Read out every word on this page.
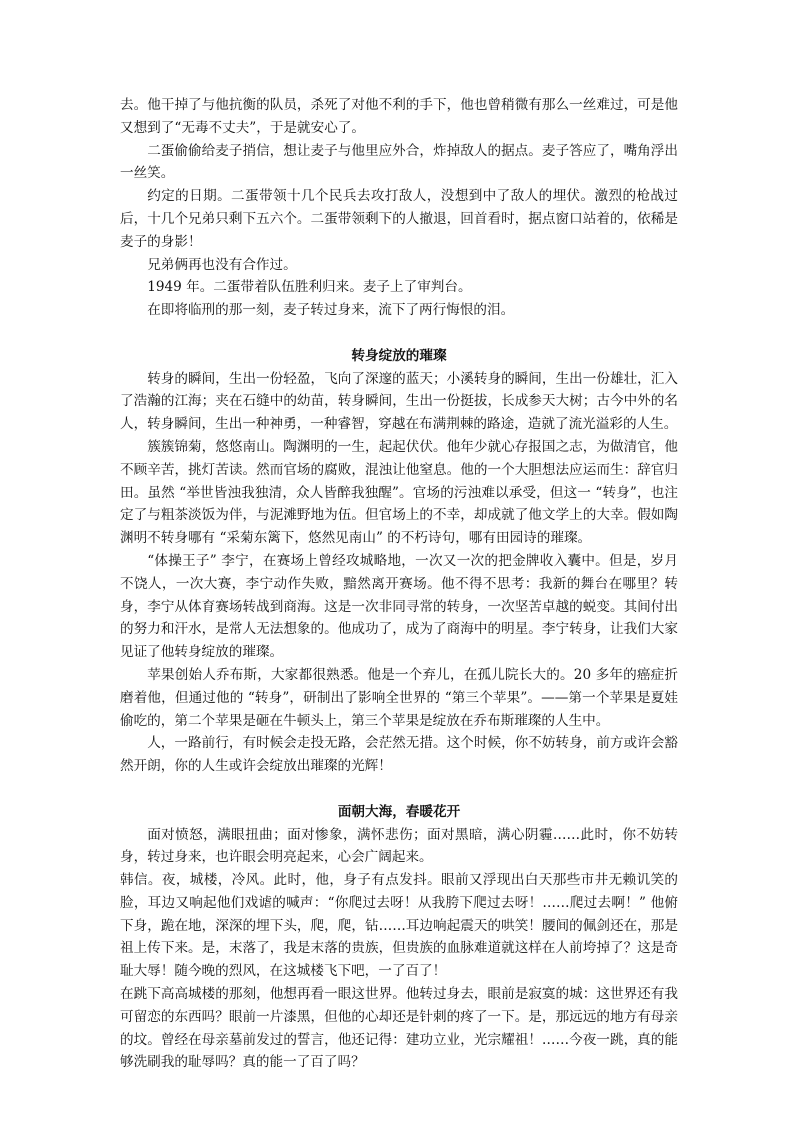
去。他干掉了与他抗衡的队员，杀死了对他不利的手下，他也曾稍微有那么一丝难过，可是他又想到了“无毒不丈夫”，于是就安心了。

二蛋偷偷给麦子捎信，想让麦子与他里应外合，炸掉敌人的据点。麦子答应了，嘴角浮出一丝笑。

约定的日期。二蛋带领十几个民兵去攻打敌人，没想到中了敌人的埋伏。激烈的枪战过后，十几个兄弟只剩下五六个。二蛋带领剩下的人撤退，回首看时，据点窗口站着的，依稀是麦子的身影！

兄弟俩再也没有合作过。

1949 年。二蛋带着队伍胜利归来。麦子上了审判台。

在即将临刑的那一刻，麦子转过身来，流下了两行悔恨的泪。

转身绽放的璀璨

转身的瞬间，生出一份轻盈，飞向了深邃的蓝天；小溪转身的瞬间，生出一份雄壮，汇入了浩瀚的江海；夹在石缝中的幼苗，转身瞬间，生出一份挺拔，长成参天大树；古今中外的名人，转身瞬间，生出一种神勇，一种睿智，穿越在布满荆棘的路途，造就了流光溢彩的人生。

簇簇锦菊，悠悠南山。陶渊明的一生，起起伏伏。他年少就心存报国之志，为做清官，他不顾辛苦，挑灯苦读。然而官场的腐败，混浊让他窒息。他的一个大胆想法应运而生：辞官归田。虽然 “举世皆浊我独清，众人皆醉我独醒”。官场的污浊难以承受，但这一 “转身”，也注定了与粗茶淡饭为伴，与泥滩野地为伍。但官场上的不幸，却成就了他文学上的大幸。假如陶渊明不转身哪有 “采菊东篱下，悠然见南山” 的不朽诗句，哪有田园诗的璀璨。

“体操王子” 李宁，在赛场上曾经攻城略地，一次又一次的把金牌收入囊中。但是，岁月不饶人，一次大赛，李宁动作失败，黯然离开赛场。他不得不思考：我新的舞台在哪里？转身，李宁从体育赛场转战到商海。这是一次非同寻常的转身，一次坚苦卓越的蜕变。其间付出的努力和汗水，是常人无法想象的。他成功了，成为了商海中的明星。李宁转身，让我们大家见证了他转身绽放的璀璨。

苹果创始人乔布斯，大家都很熟悉。他是一个弃儿，在孤儿院长大的。20 多年的癌症折磨着他，但通过他的 “转身”，研制出了影响全世界的 “第三个苹果”。——第一个苹果是夏娃偷吃的，第二个苹果是砸在牛顿头上，第三个苹果是绽放在乔布斯璀璨的人生中。

人，一路前行，有时候会走投无路，会茫然无措。这个时候，你不妨转身，前方或许会豁然开朗，你的人生或许会绽放出璀璨的光辉！

面朝大海，春暖花开

面对愤怒，满眼扭曲；面对惨象，满怀悲伤；面对黑暗，满心阴霾……此时，你不妨转身，转过身来，也许眼会明亮起来，心会广阔起来。

韩信。夜，城楼，冷风。此时，他，身子有点发抖。眼前又浮现出白天那些市井无赖讥笑的脸，耳边又响起他们戏谑的喊声：“你爬过去呀！从我胯下爬过去呀！……爬过去啊！” 他俯下身，跪在地，深深的埋下头，爬，爬，钻……耳边响起震天的哄笑！腰间的佩剑还在，那是祖上传下来。是，末落了，我是末落的贵族，但贵族的血脉难道就这样在人前垮掉了？这是奇耻大辱！随今晚的烈风，在这城楼飞下吧，一了百了！

在跳下高高城楼的那刻，他想再看一眼这世界。他转过身去，眼前是寂寞的城：这世界还有我可留恋的东西吗？眼前一片漆黑，但他的心却还是针刺的疼了一下。是，那远远的地方有母亲的坟。曾经在母亲墓前发过的誓言，他还记得：建功立业，光宗耀祖！……今夜一跳，真的能够洗刷我的耻辱吗？真的能一了百了吗？
